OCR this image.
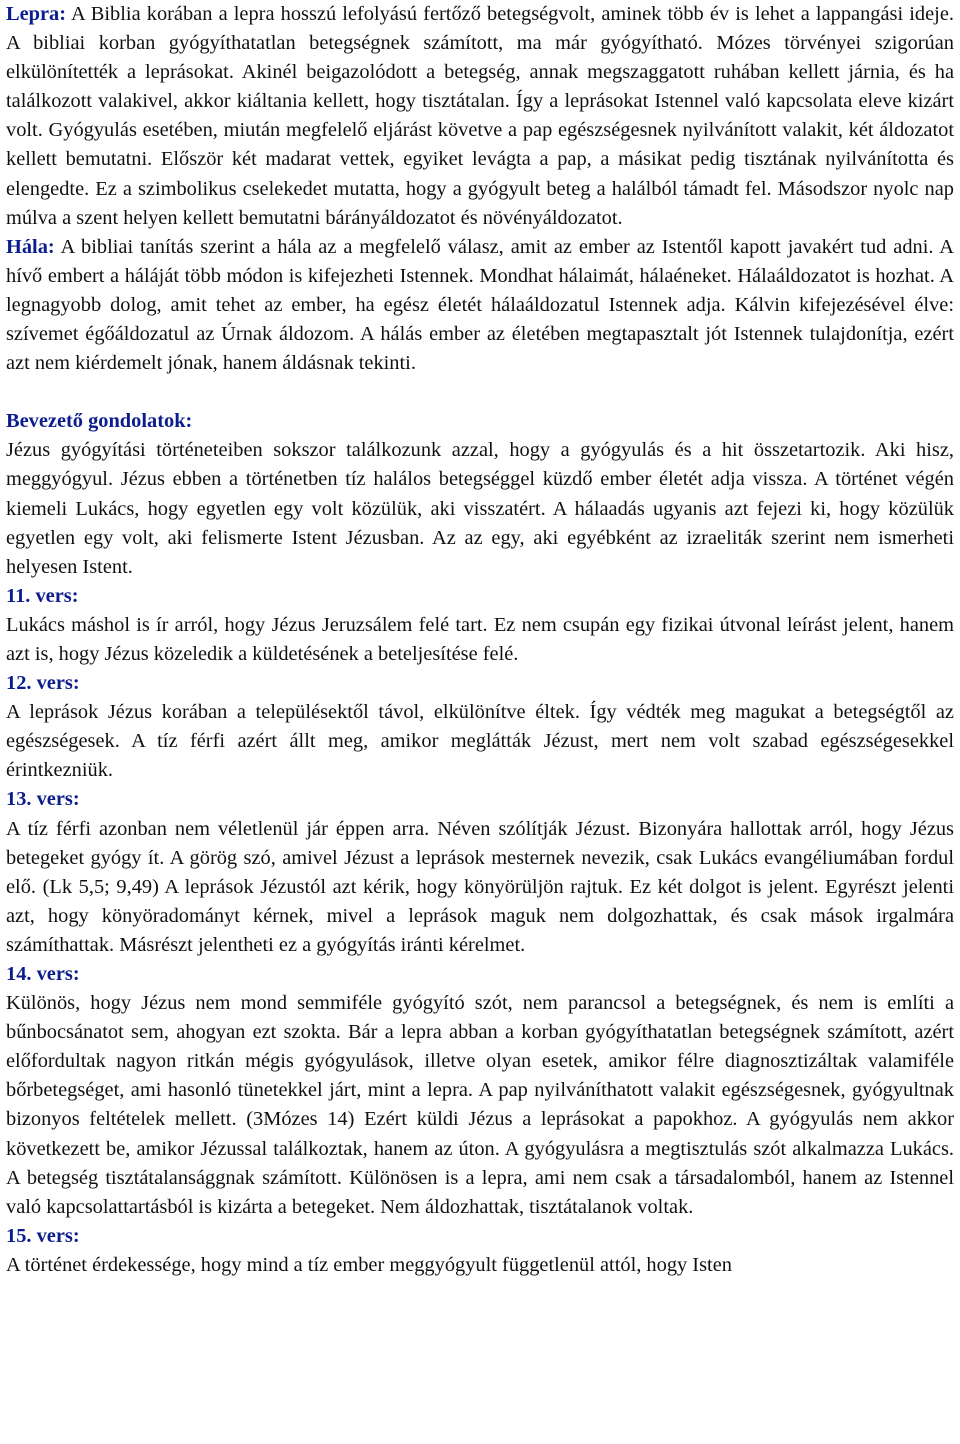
Lepra: A Biblia korában a lepra hosszú lefolyású fertőző betegségvolt, aminek több év is lehet a lappangási ideje. A bibliai korban gyógyíthatatlan betegségnek számított, ma már gyógyítható. Mózes törvényei szigorúan elkülönítették a leprásokat. Akinél beigazolódott a betegség, annak megszaggatott ruhában kellett járnia, és ha találkozott valakivel, akkor kiáltania kellett, hogy tisztátalan. Így a leprásokat Istennel való kapcsolata eleve kizárt volt. Gyógyulás esetében, miután megfelelő eljárást követve a pap egészségesnek nyilvánított valakit, két áldozatot kellett bemutatni. Először két madarat vettek, egyiket levágta a pap, a másikat pedig tisztának nyilvánította és elengedte. Ez a szimbolikus cselekedet mutatta, hogy a gyógyult beteg a halálból támadt fel. Másodszor nyolc nap múlva a szent helyen kellett bemutatni bárányáldozatot és növényáldozatot.

Hála: A bibliai tanítás szerint a hála az a megfelelő válasz, amit az ember az Istentől kapott javakért tud adni. A hívő embert a háláját több módon is kifejezheti Istennek. Mondhat hálaimát, hálaéneket. Hálaáldozatot is hozhat. A legnagyobb dolog, amit tehet az ember, ha egész életét hálaáldozatul Istennek adja. Kálvin kifejezésével élve: szívemet égőáldozatul az Úrnak áldozom. A hálás ember az életében megtapasztalt jót Istennek tulajdonítja, ezért azt nem kiérdemelt jónak, hanem áldásnak tekinti.

Bevezető gondolatok:

Jézus gyógyítási történeteiben sokszor találkozunk azzal, hogy a gyógyulás és a hit összetartozik. Aki hisz, meggyógyul. Jézus ebben a történetben tíz halálos betegséggel küzdő ember életét adja vissza. A történet végén kiemeli Lukács, hogy egyetlen egy volt közülük, aki visszatért. A hálaadás ugyanis azt fejezi ki, hogy közülük egyetlen egy volt, aki felismerte Istent Jézusban. Az az egy, aki egyébként az izraeliták szerint nem ismerheti helyesen Istent.

11. vers:

Lukács máshol is ír arról, hogy Jézus Jeruzsálem felé tart. Ez nem csupán egy fizikai útvonal leírást jelent, hanem azt is, hogy Jézus közeledik a küldetésének a beteljesítése felé.

12. vers:

A leprások Jézus korában a településektől távol, elkülönítve éltek. Így védték meg magukat a betegségtől az egészségesek. A tíz férfi azért állt meg, amikor meglátták Jézust, mert nem volt szabad egészségesekkel érintkezniük.

13. vers:

A tíz férfi azonban nem véletlenül jár éppen arra. Néven szólítják Jézust. Bizonyára hallottak arról, hogy Jézus betegeket gyógy ít. A görög szó, amivel Jézust a leprások mesternek nevezik, csak Lukács evangéliumában fordul elő. (Lk 5,5; 9,49) A leprások Jézustól azt kérik, hogy könyörüljön rajtuk. Ez két dolgot is jelent. Egyrészt jelenti azt, hogy könyöradományt kérnek, mivel a leprások maguk nem dolgozhattak, és csak mások irgalmára számíthattak. Másrészt jelentheti ez a gyógyítás iránti kérelmet.

14. vers:

Különös, hogy Jézus nem mond semmiféle gyógyító szót, nem parancsol a betegségnek, és nem is említi a bűnbocsánatot sem, ahogyan ezt szokta. Bár a lepra abban a korban gyógyíthatatlan betegségnek számított, azért előfordultak nagyon ritkán mégis gyógyulások, illetve olyan esetek, amikor félre diagnosztizáltak valamiféle bőrbetegséget, ami hasonló tünetekkel járt, mint a lepra. A pap nyilváníthatott valakit egészségesnek, gyógyultnak bizonyos feltételek mellett. (3Mózes 14) Ezért küldi Jézus a leprásokat a papokhoz. A gyógyulás nem akkor következett be, amikor Jézussal találkoztak, hanem az úton. A gyógyulásra a megtisztulás szót alkalmazza Lukács. A betegség tisztátalansággnak számított. Különösen is a lepra, ami nem csak a társadalomból, hanem az Istennel való kapcsolattartásból is kizárta a betegeket. Nem áldozhattak, tisztátalanok voltak.

15. vers:

A történet érdekessége, hogy mind a tíz ember meggyógyult függetlenül attól, hogy Isten
